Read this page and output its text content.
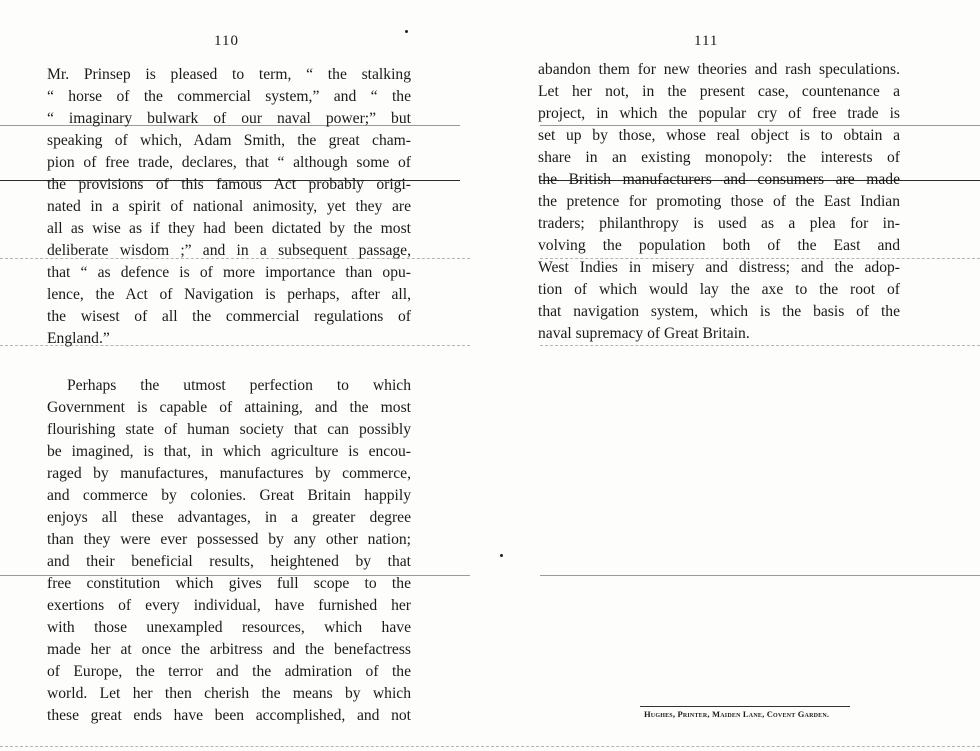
110
Mr. Prinsep is pleased to term, “ the stalking
“ horse of the commercial system,” and “ the
“ imaginary bulwark of our naval power;” but
speaking of which, Adam Smith, the great cham-
pion of free trade, declares, that “ although some of
the provisions of this famous Act probably origi-
nated in a spirit of national animosity, yet they are
all as wise as if they had been dictated by the most
deliberate wisdom ;” and in a subsequent passage,
that “ as defence is of more importance than opu-
lence, the Act of Navigation is perhaps, after all,
the wisest of all the commercial regulations of
England.”
Perhaps the utmost perfection to which
Government is capable of attaining, and the most
flourishing state of human society that can possibly
be imagined, is that, in which agriculture is encou-
raged by manufactures, manufactures by commerce,
and commerce by colonies. Great Britain happily
enjoys all these advantages, in a greater degree
than they were ever possessed by any other nation;
and their beneficial results, heightened by that
free constitution which gives full scope to the
exertions of every individual, have furnished her
with those unexampled resources, which have
made her at once the arbitress and the benefactress
of Europe, the terror and the admiration of the
world. Let her then cherish the means by which
these great ends have been accomplished, and not
111
abandon them for new theories and rash speculations.
Let her not, in the present case, countenance a
project, in which the popular cry of free trade is
set up by those, whose real object is to obtain a
share in an existing monopoly: the interests of
the British manufacturers and consumers are made
the pretence for promoting those of the East Indian
traders; philanthropy is used as a plea for in-
volving the population both of the East and
West Indies in misery and distress; and the adop-
tion of which would lay the axe to the root of
that navigation system, which is the basis of the
naval supremacy of Great Britain.
Hughes, Printer, Maiden Lane, Covent Garden.
